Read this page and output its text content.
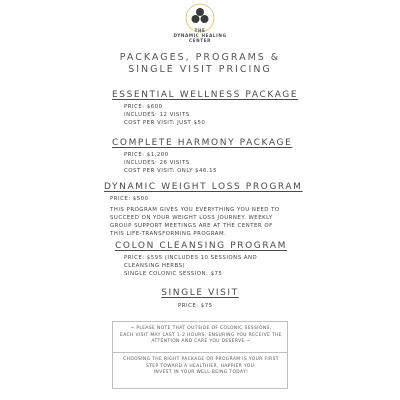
THE
DYNAMIC HEALING
CENTER
PACKAGES, PROGRAMS &
SINGLE VISIT PRICING
ESSENTIAL WELLNESS PACKAGE
PRICE: $600
INCLUDES: 12 VISITS
COST PER VISIT: JUST $50
COMPLETE HARMONY PACKAGE
PRICE: $1,200
INCLUDES: 26 VISITS
COST PER VISIT: ONLY $46.15
DYNAMIC WEIGHT LOSS PROGRAM
PRICE: $500
THIS PROGRAM GIVES YOU EVERYTHING YOU NEED TO
SUCCEED ON YOUR WEIGHT LOSS JOURNEY. WEEKLY
GROUP SUPPORT MEETINGS ARE AT THE CENTER OF
THIS LIFE-TRANSFORMING PROGRAM.
COLON CLEANSING PROGRAM
PRICE: $595 (INCLUDES 10 SESSIONS AND
CLEANSING HERBS)
SINGLE COLONIC SESSION: $75
SINGLE VISIT
PRICE: $75
~ PLEASE NOTE THAT OUTSIDE OF COLONIC SESSIONS,
EACH VISIT MAY LAST 1-2 HOURS, ENSURING YOU RECEIVE THE
ATTENTION AND CARE YOU DESERVE ~
CHOOSING THE RIGHT PACKAGE OR PROGRAM IS YOUR FIRST
STEP TOWARD A HEALTHIER, HAPPIER YOU.
INVEST IN YOUR WELL-BEING TODAY!
